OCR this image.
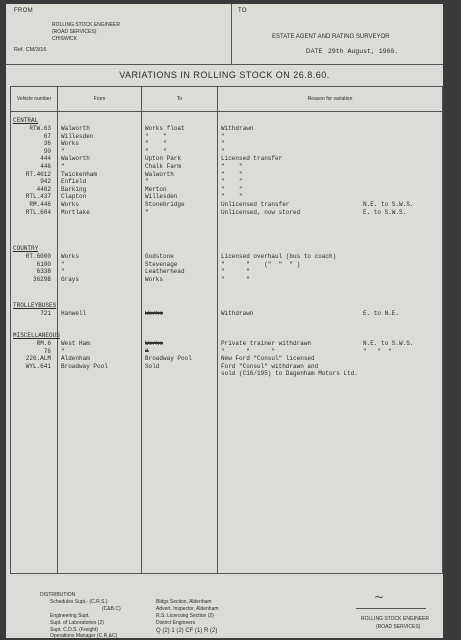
FROM
ROLLING STOCK ENGINEER
(ROAD SERVICES)
CHISWICK
Ref. CM/3/16
TO
ESTATE AGENT AND RATING SURVEYOR
DATE 29th August, 1960.
VARIATIONS IN ROLLING STOCK ON 26.8.60.
Vehicle number	From	To	Reason for variation
CENTRAL
RTW.63 Walworth	Works float	Withdrawn
67 Willesden	"    "	"
36 Works	"    "	"
90 "	"    "	"
444 Walworth	Upton Park	Licensed transfer
446 "	Chalk Farm	"    "
RT.4612 Twickenham	Walworth	"    "
942 Enfield	"	"    "
4402 Barking	Merton	"    "
RTL.437 Clapton	Willesden	"    "
RM.446 Works	Stonebridge	Unlicensed transfer	N.E. to S.W.S.
RTL.604 Mortlake	"	Unlicensed, now stored	E. to S.W.S.
COUNTRY
RT.6000 Works	Godstone	Licensed overhaul (bus to coach)
6100 "	Stevenage	"      "    ("  "  " )
6338 "	Leatherhead	"      "
3629B Grays	Works	"      "
TROLLEYBUSES
721 Hanwell	Works	Withdrawn	E. to N.E.
MISCELLANEOUS
RM.6 West Ham	Works	Private trainer withdrawn	N.E. to S.W.S.
76 "	"	"      "      "	"   "  "
226.ALM Aldenham	Broadway Pool	New Ford "Consul" licensed
WYL.641 Broadway Pool	Sold	Ford "Consul" withdrawn and
sold (C16/195) to Dagenham Motors Ltd.
DISTRIBUTION
Schedules Supt.- (C.R.S.)
(C&B.C)
Engineering Supt.
Supt. of Laboratories (2)
Supt. C.D.S. (Freight)
Operations Manager (C.R.&C)
Bldgs Section, Aldenham
Advert. Inspector, Aldenham
R.S. Licensing Section (2)
District Engineers
Q (2) 1 (2) CF (1) R (2)
ROLLING STOCK ENGINEER
(ROAD SERVICES)
~
